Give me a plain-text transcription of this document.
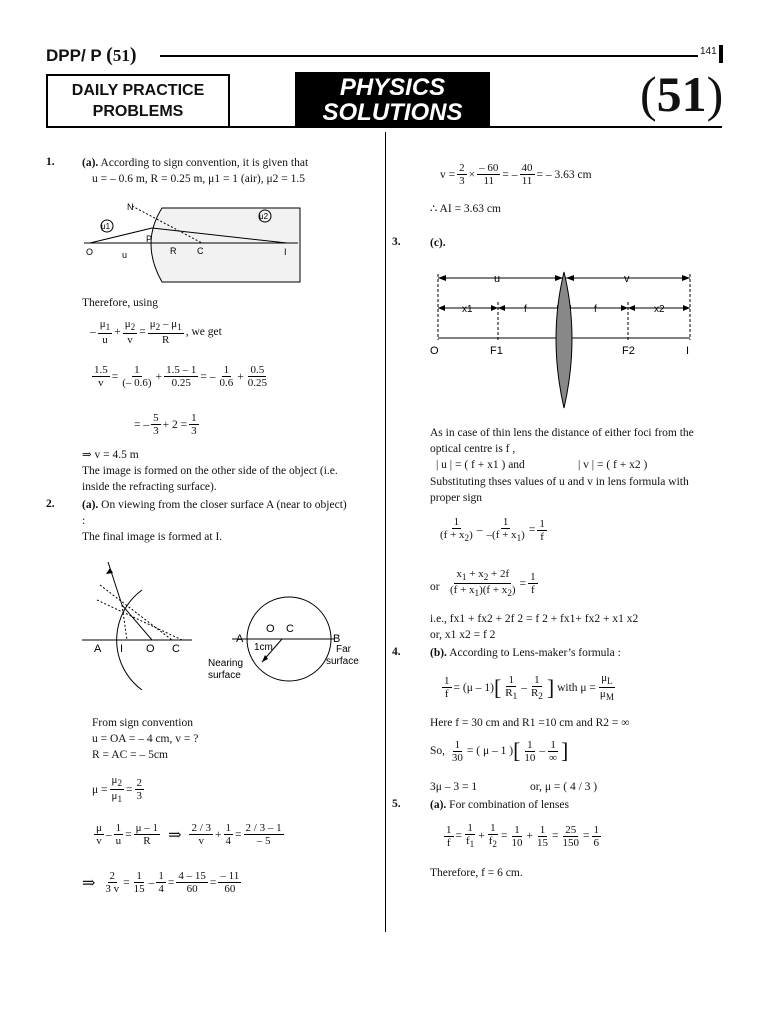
DPP/ P (51)	141
DAILY PRACTICE
PROBLEMS
PHYSICS
SOLUTIONS	(51)
1. (a). According to sign convention, it is given that
u = – 0.6 m, R = 0.25 m, μ1 = 1 (air), μ2 = 1.5
μ1
μ2
N
O
P
R C	I
u
Therefore, using
–
$\mu_1$
u
+
$\mu_2$
v
=
$\mu_2 - \mu_1$
R
, we get
1.5
v
=
1
(– 0.6)
+
1.5 – 1
0.25
= –
1
0.6
+
0.5
0.25
= –
5
3
+ 2 =
1
3
⇒ v = 4.5 m
The image is formed on the other side of the object (i.e.
inside the refracting surface).
2. (a). On viewing from the closer surface A (near to object)
:
The final image is formed at I.
A I O C
O C
A	B
1cm
Nearing
surface
Far
surface
From sign convention
u = OA = – 4 cm, v = ?
R = AC = – 5cm
μ =
$\mu_2$
$\mu_1$
=
2
3
μ
v
–
1
u
=
μ – 1
R ⇒ 2 / 3
v
+
1
4
=
2 / 3 – 1
– 5
⇒ 2
3 v
=
1
15
–
1
4
=
4 – 15
60
=
– 11
60
v =
2
3
×
– 60
11
= –
40
11
= – 3.63 cm
∴ AI = 3.63 cm
3.	(c).
u	v
x1	f	f	x2
O	F1	F2	I
As in case of thin lens the distance of either foci from the
optical centre is f ,
| u | = ( f + x1 ) and	| v | = ( f + x2 )
Substituting thses values of u and v in lens formula with
proper sign
1
$(f + x_2)$ –
1
$-(f + x_1)$ =
1
f
or
$x_1 + x_2 + 2f$
$(f + x_1)(f + x_2)$
=
1
f
i.e., fx1 + fx2 + 2f 2 = f 2 + fx1+ fx2 + x1 x2
or, x1 x2 = f 2
4.	(b). According to Lens-maker’s formula :
1
f
= (μ – 1) [ 1
$R_1$
–
1
$R_2$ ]
with $\mu = \frac{\mu_L}{\mu_M}$
Here f = 30 cm and R1 =10 cm and R2 = ∞
So,

1
30
= ( μ – 1 ) [ 1
10
–
1
∞ ]
3μ – 3 = 1	or, μ = ( 4 / 3 )
5.	(a). For combination of lenses
1
f
=
1
$f_1$
+
1
$f_2$
=
1
10
+
1
15
=
25
150
=
1
6
Therefore, f = 6 cm.
